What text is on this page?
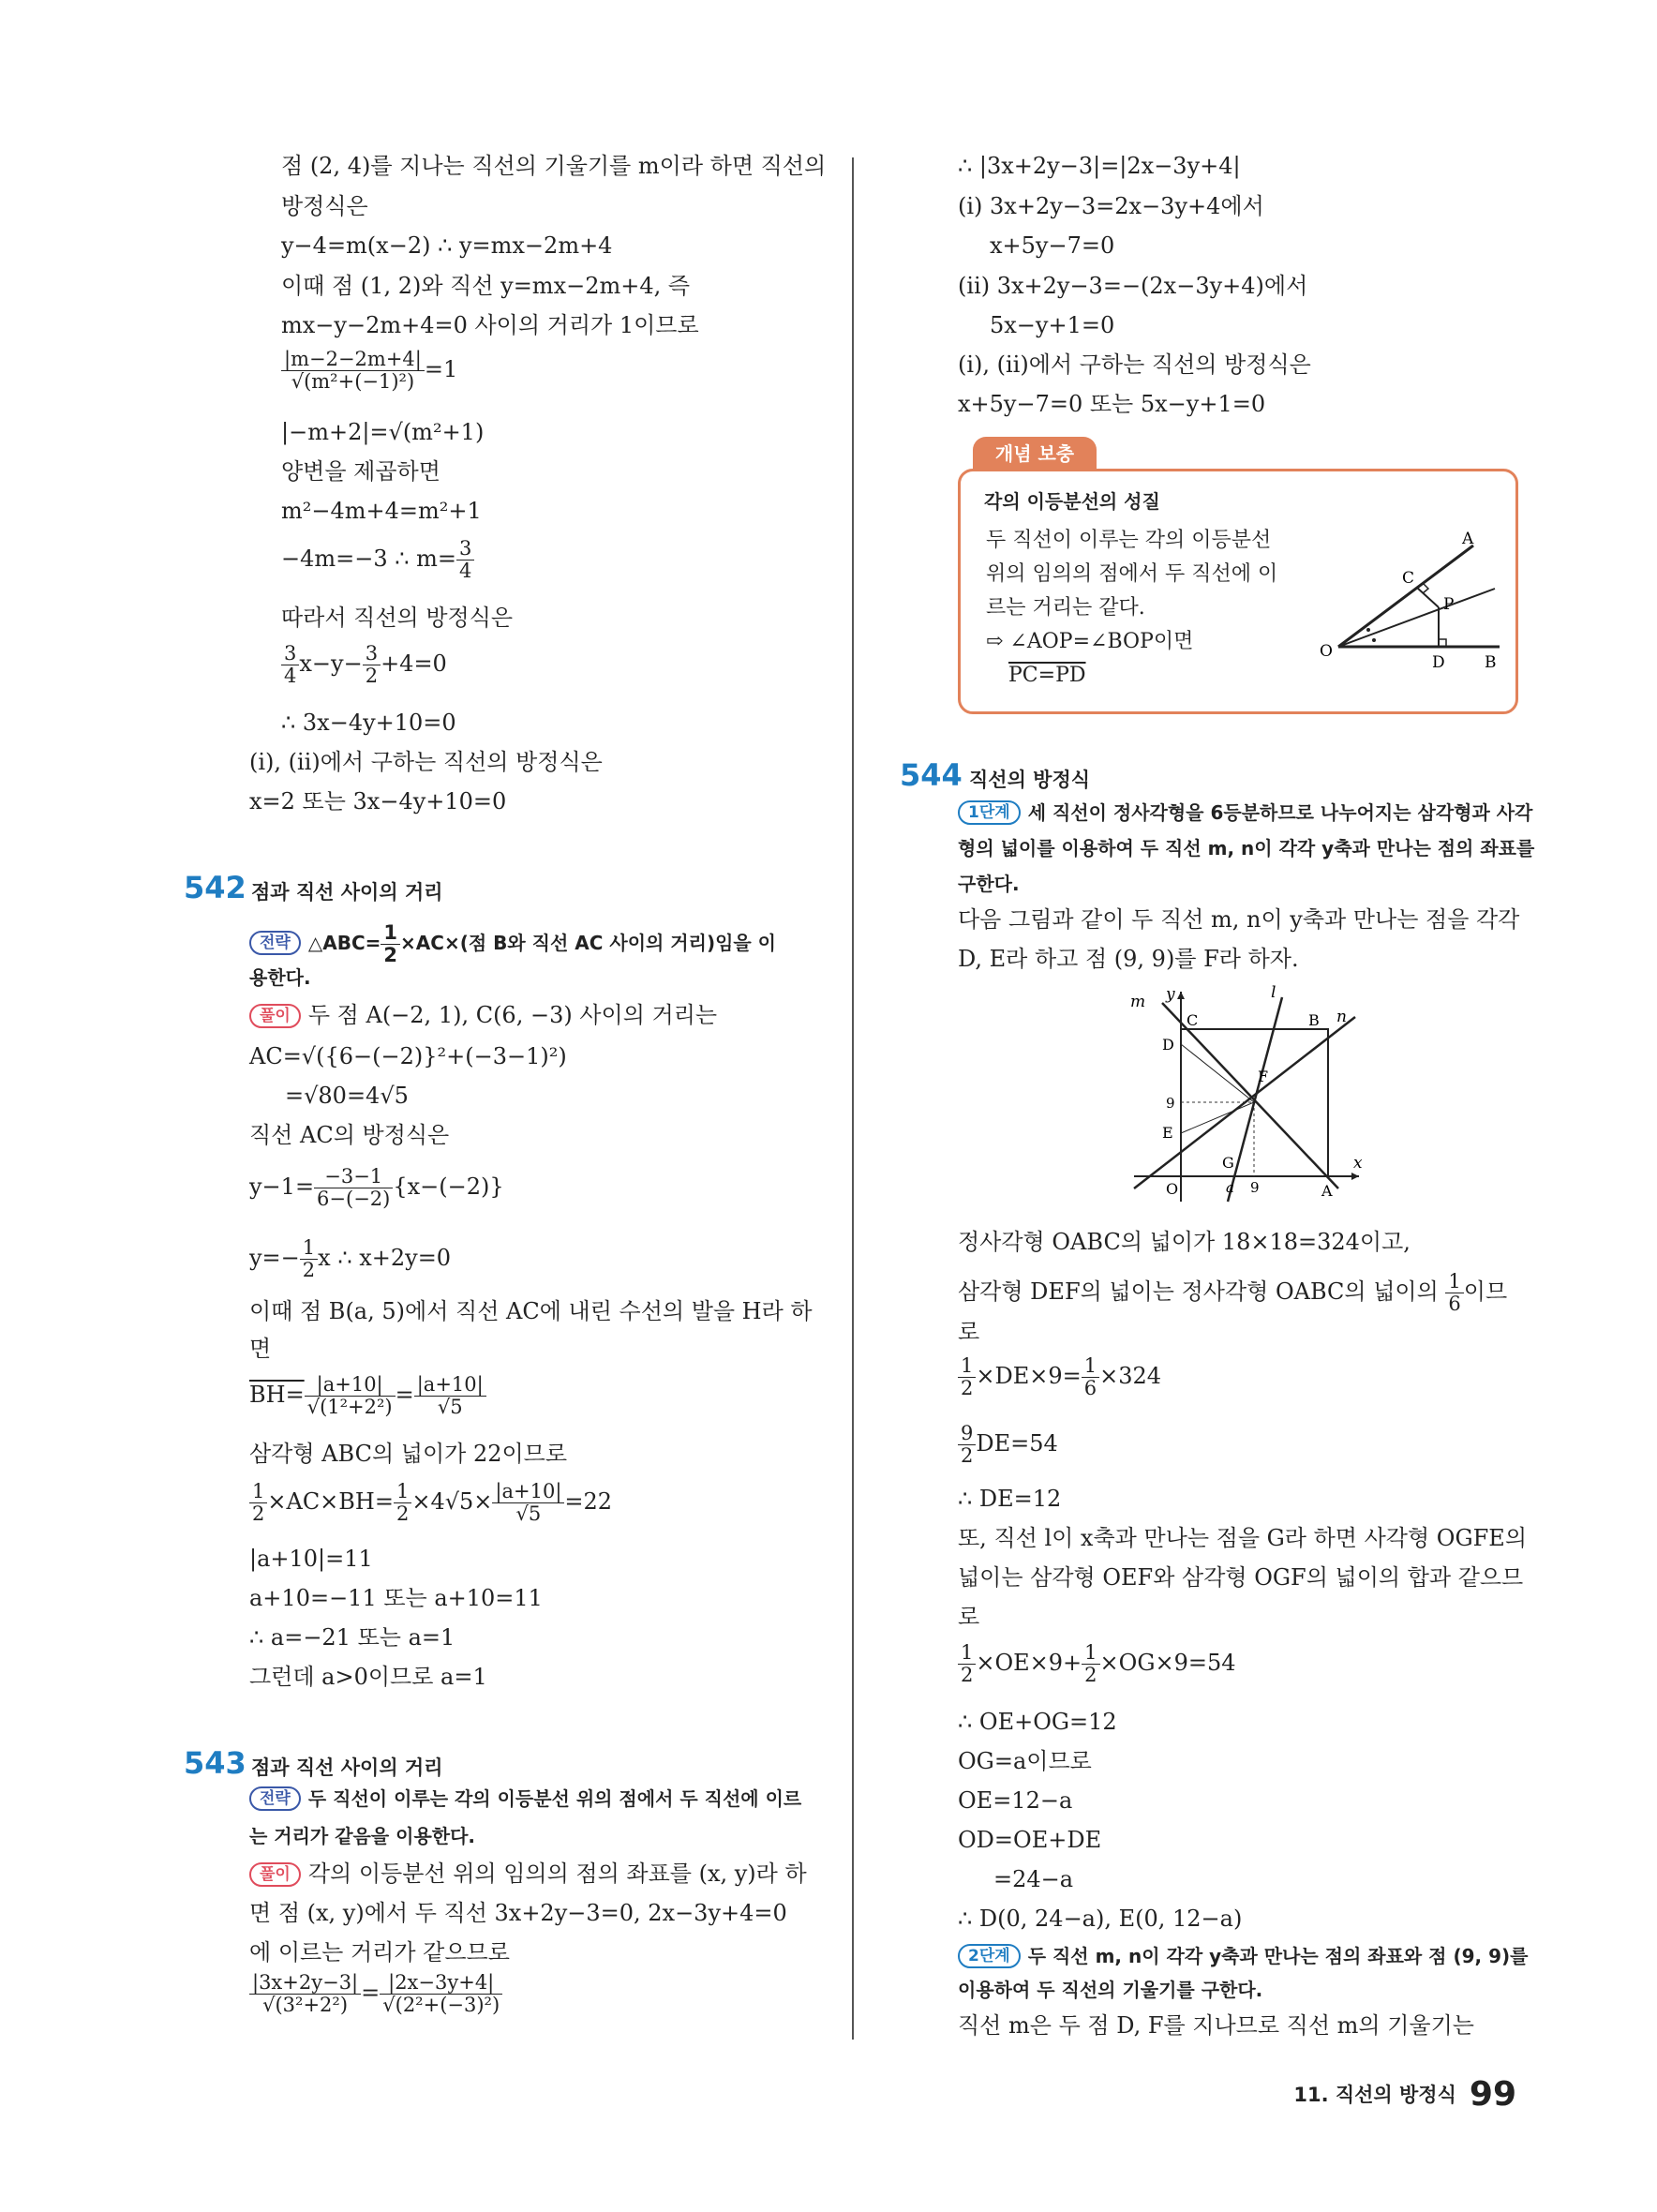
점 (2, 4)를 지나는 직선의 기울기를 m이라 하면 직선의
방정식은
y−4=m(x−2) ∴ y=mx−2m+4
이때 점 (1, 2)와 직선 y=mx−2m+4, 즉
mx−y−2m+4=0 사이의 거리가 1이므로
$\frac{|m-2-2m+4|}{\text{√(m²+(−1)²)}} =1$
|−m+2|=√(m²+1)
양변을 제곱하면
m²−4m+4=m²+1
−4m=−3 ∴ $m= \frac{3}{4}$
따라서 직선의 방정식은
$\frac{3}{4} x-y- \frac{3}{2} +4=0$
∴ 3x−4y+10=0
(ⅰ), (ⅱ)에서 구하는 직선의 방정식은
x=2 또는 3x−4y+10=0
542 점과 직선 사이의 거리
전략 △ABC= $\frac{1}{2} \times AC\times$(점 B와 직선 AC 사이의 거리)임을 이
용한다.
풀이 두 점 A(−2, 1), C(6, −3) 사이의 거리는
AC=√({6−(−2)}²+(−3−1)²)
=√80=4√5
직선 AC의 방정식은
$y-1= \frac{-3-1}{6-(-2)} \{x-(-2)\}$
$y=- \frac{1}{2}$ x ∴ x+2y=0
이때 점 B(a, 5)에서 직선 AC에 내린 수선의 발을 H라 하
면
$BH= \frac{|a+10|}{\text{√(1²+2²)}} = \frac{|a+10|}{√5}$
삼각형 ABC의 넓이가 22이므로
$\frac{1}{2} \times AC\times BH= \frac{1}{2} \times 4√5\times \frac{|a+10|}{√5} =22$
|a+10|=11
a+10=−11 또는 a+10=11
∴ a=−21 또는 a=1
그런데 a>0이므로 a=1
543 점과 직선 사이의 거리
전략 두 직선이 이루는 각의 이등분선 위의 점에서 두 직선에 이르
는 거리가 같음을 이용한다.
풀이 각의 이등분선 위의 임의의 점의 좌표를 (x, y)라 하
면 점 (x, y)에서 두 직선 3x+2y−3=0, 2x−3y+4=0
에 이르는 거리가 같으므로
$\frac{|3x+2y-3|}{\text{√(3²+2²)}} = \frac{|2x-3y+4|}{\text{√(2²+(−3)²)}}$
∴ |3x+2y−3|=|2x−3y+4|
(ⅰ) 3x+2y−3=2x−3y+4에서
x+5y−7=0
(ⅱ) 3x+2y−3=−(2x−3y+4)에서
5x−y+1=0
(ⅰ), (ⅱ)에서 구하는 직선의 방정식은
x+5y−7=0 또는 5x−y+1=0
개념 보충
각의 이등분선의 성질
두 직선이 이루는 각의 이등분선
위의 임의의 점에서 두 직선에 이
르는 거리는 같다.
⇨ ∠AOP=∠BOP이면
PC=PD
O
A
B
C
D
P
544 직선의 방정식
1단계 세 직선이 정사각형을 6등분하므로 나누어지는 삼각형과 사각
형의 넓이를 이용하여 두 직선 m, n이 각각 y축과 만나는 점의 좌표를
구한다.
다음 그림과 같이 두 직선 m, n이 y축과 만나는 점을 각각
D, E라 하고 점 (9, 9)를 F라 하자.
m y	l
n
C	B
D
F
9
E
G	x
O	a 9	A
정사각형 OABC의 넓이가 18×18=324이고,
삼각형 DEF의 넓이는 정사각형 OABC의 넓이의 $\frac{1}{6}$ 이므
로
$\frac{1}{2} \times DE\times 9= \frac{1}{6} \times 324$
$\frac{9}{2} DE=54$
∴ DE=12
또, 직선 l이 x축과 만나는 점을 G라 하면 사각형 OGFE의
넓이는 삼각형 OEF와 삼각형 OGF의 넓이의 합과 같으므
로
$\frac{1}{2} \times OE\times 9+ \frac{1}{2} \times OG\times 9=54$
∴ OE+OG=12
OG=a이므로
OE=12−a
OD=OE+DE
=24−a
∴ D(0, 24−a), E(0, 12−a)
2단계 두 직선 m, n이 각각 y축과 만나는 점의 좌표와 점 (9, 9)를
이용하여 두 직선의 기울기를 구한다.
직선 m은 두 점 D, F를 지나므로 직선 m의 기울기는
11. 직선의 방정식 99
